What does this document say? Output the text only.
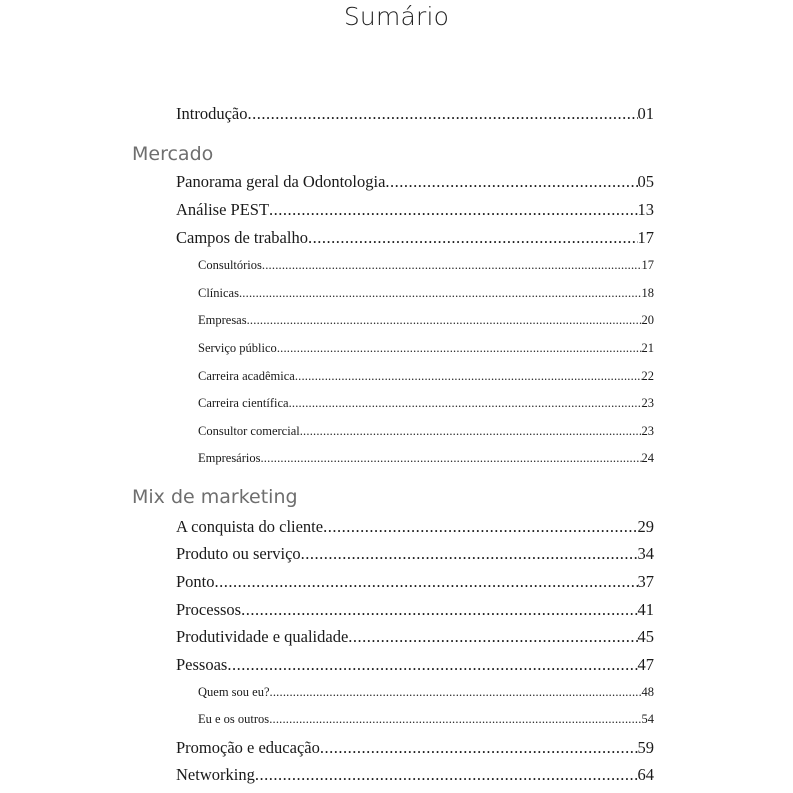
Sumário
Introdução .....	01
Mercado
Panorama geral da Odontologia .....	05
Análise PEST .....	13
Campos de trabalho .....	17
Consultórios .....	17
Clínicas .....	18
Empresas .....	20
Serviço público .....	21
Carreira acadêmica .....	22
Carreira científica .....	23
Consultor comercial .....	23
Empresários .....	24
Mix de marketing
A conquista do cliente .....	29
Produto ou serviço .....	34
Ponto .....	37
Processos .....	41
Produtividade e qualidade .....	45
Pessoas .....	47
Quem sou eu? .....	48
Eu e os outros .....	54
Promoção e educação .....	59
Networking .....	64
